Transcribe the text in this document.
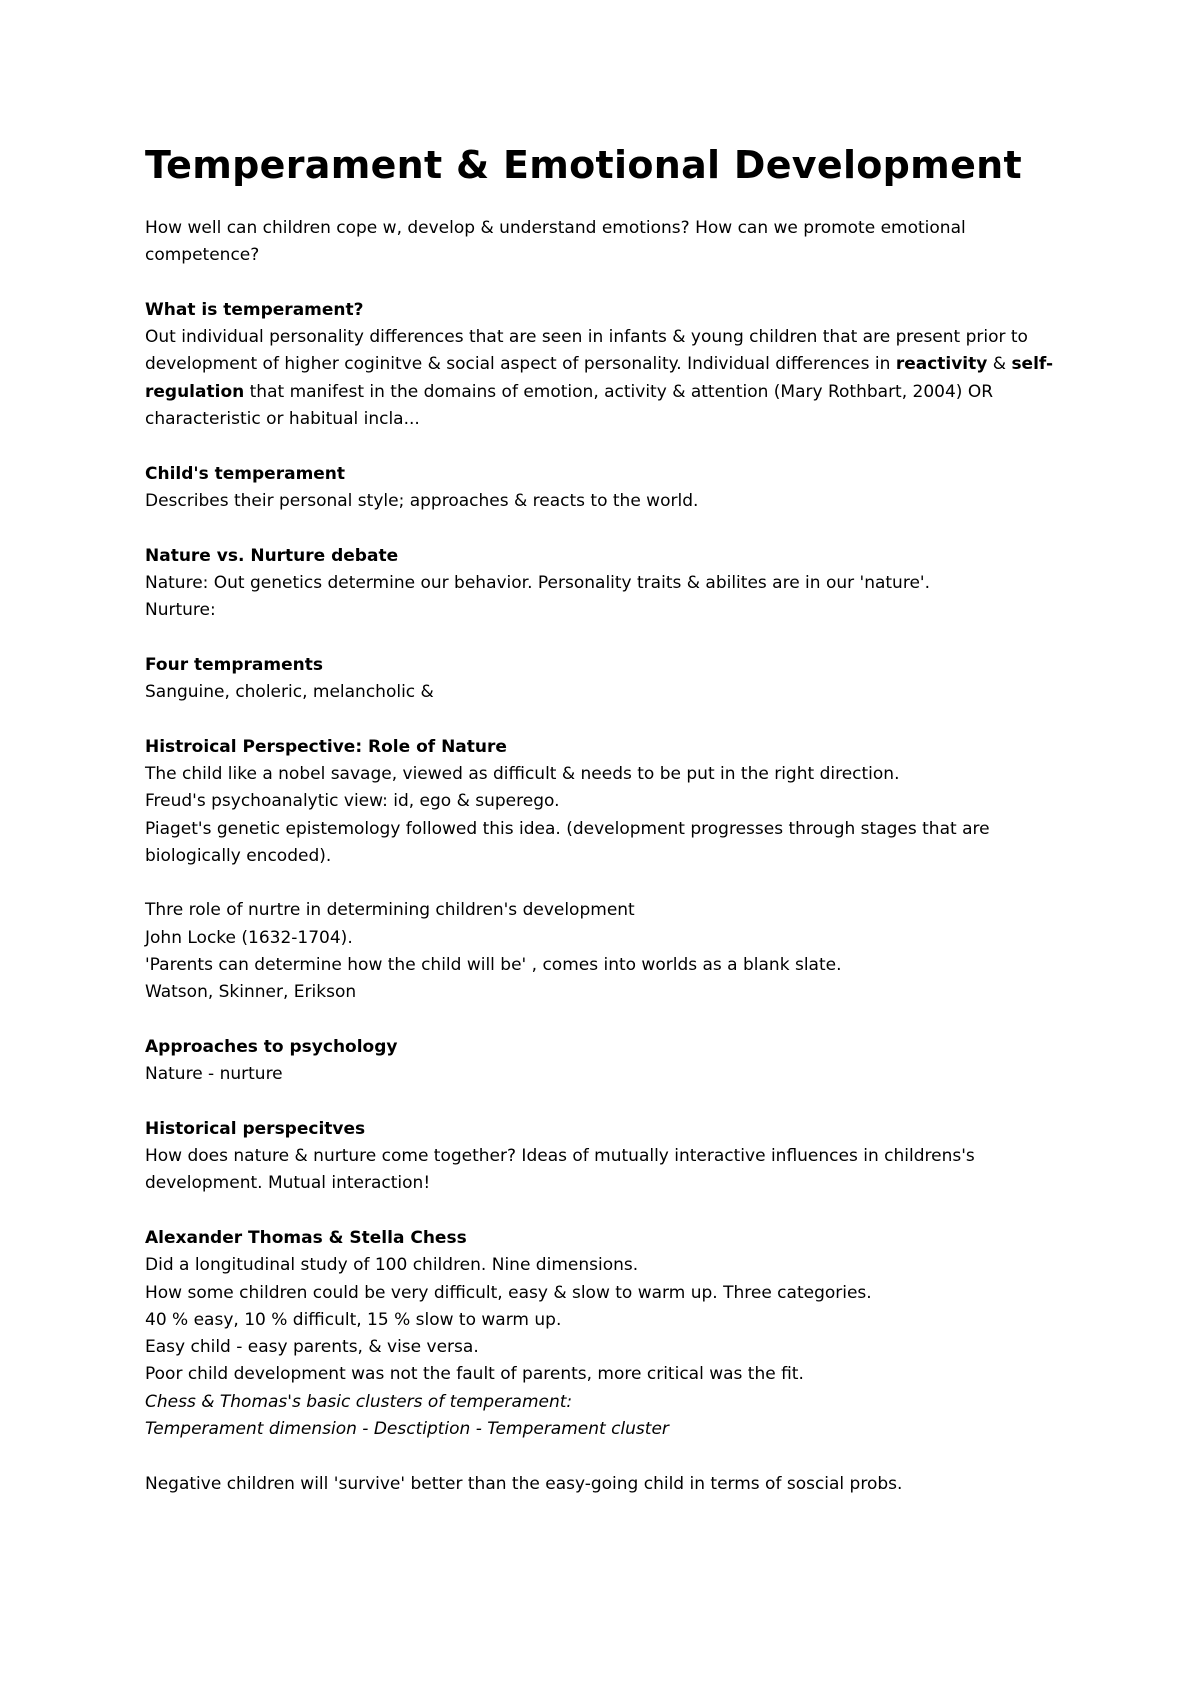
Temperament & Emotional Development

How well can children cope w, develop & understand emotions? How can we promote emotional competence?

What is temperament?

Out individual personality differences that are seen in infants & young children that are present prior to development of higher coginitve & social aspect of personality. Individual differences in reactivity & self-regulation that manifest in the domains of emotion, activity & attention (Mary Rothbart, 2004) OR characteristic or habitual incla...

Child's temperament

Describes their personal style; approaches & reacts to the world.

Nature vs. Nurture debate

Nature: Out genetics determine our behavior. Personality traits & abilites are in our 'nature'.

Nurture:

Four tempraments

Sanguine, choleric, melancholic &

Histroical Perspective: Role of Nature

The child like a nobel savage, viewed as difficult & needs to be put in the right direction.

Freud's psychoanalytic view: id, ego & superego.

Piaget's genetic epistemology followed this idea. (development progresses through stages that are biologically encoded).

Thre role of nurtre in determining children's development

John Locke (1632-1704).

'Parents can determine how the child will be' , comes into worlds as a blank slate.

Watson, Skinner, Erikson

Approaches to psychology

Nature - nurture

Historical perspecitves

How does nature & nurture come together? Ideas of mutually interactive influences in childrens's development. Mutual interaction!

Alexander Thomas & Stella Chess

Did a longitudinal study of 100 children. Nine dimensions.

How some children could be very difficult, easy & slow to warm up. Three categories.

40 % easy, 10 % difficult, 15 % slow to warm up.

Easy child - easy parents, & vise versa.

Poor child development was not the fault of parents, more critical was the fit.

Chess & Thomas's basic clusters of temperament:

Temperament dimension - Desctiption - Temperament cluster

Negative children will 'survive' better than the easy-going child in terms of soscial probs.
